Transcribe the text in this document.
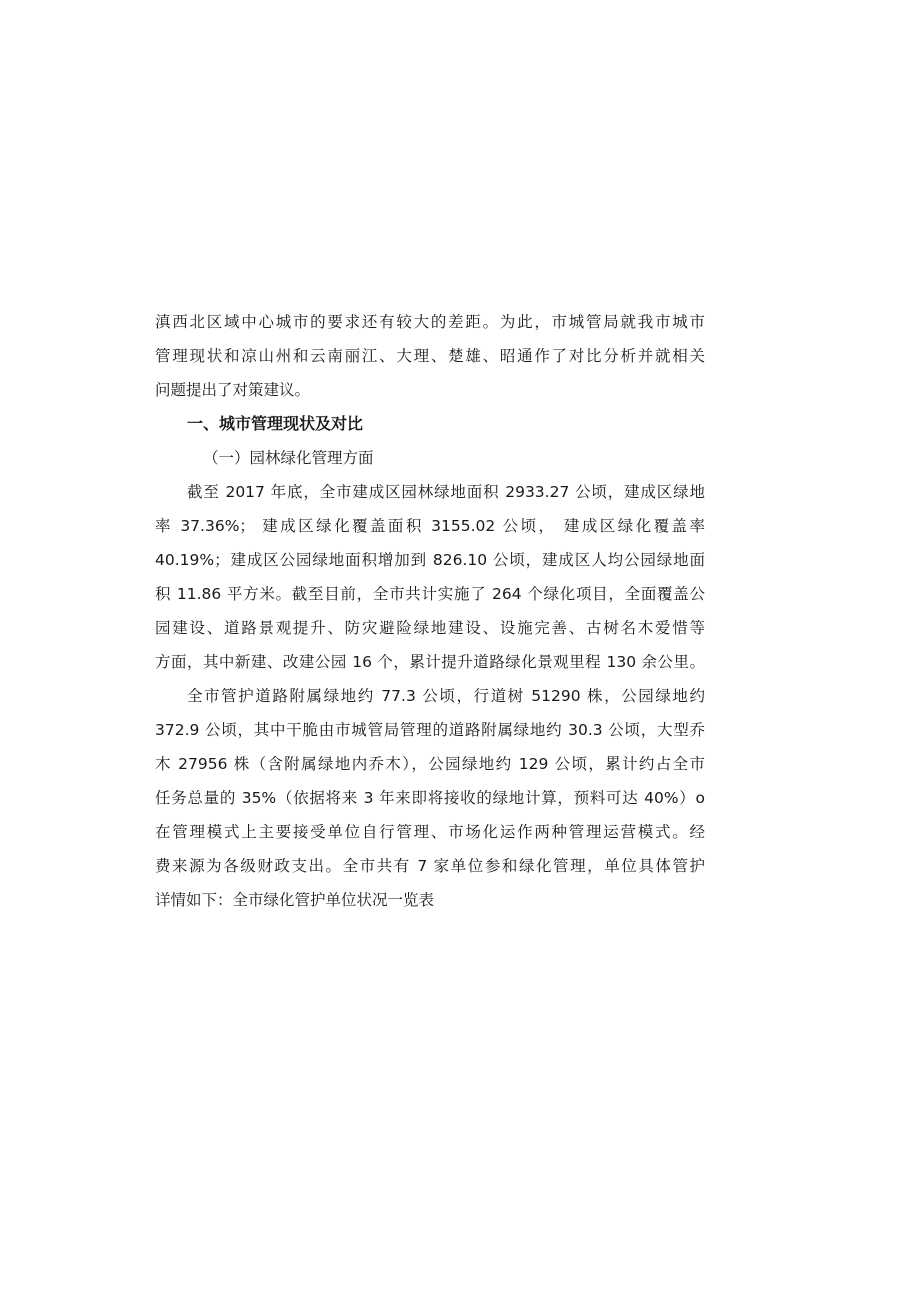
滇西北区域中心城市的要求还有较大的差距。为此，市城管局就我市城市
管理现状和凉山州和云南丽江、大理、楚雄、昭通作了对比分析并就相关
问题提出了对策建议。
一、城市管理现状及对比
（一）园林绿化管理方面
截至 2017 年底，全市建成区园林绿地面积 2933.27 公顷，建成区绿地
率 37.36%； 建成区绿化覆盖面积 3155.02 公顷， 建成区绿化覆盖率
40.19%；建成区公园绿地面积增加到 826.10 公顷，建成区人均公园绿地面
积 11.86 平方米。截至目前，全市共计实施了 264 个绿化项目，全面覆盖公
园建设、道路景观提升、防灾避险绿地建设、设施完善、古树名木爱惜等
方面，其中新建、改建公园 16 个，累计提升道路绿化景观里程 130 余公里。
全市管护道路附属绿地约 77.3 公顷，行道树 51290 株，公园绿地约
372.9 公顷，其中干脆由市城管局管理的道路附属绿地约 30.3 公顷，大型乔
木 27956 株（含附属绿地内乔木），公园绿地约 129 公顷，累计约占全市
任务总量的 35%（依据将来 3 年来即将接收的绿地计算，预料可达 40%）o
在管理模式上主要接受单位自行管理、市场化运作两种管理运营模式。经
费来源为各级财政支出。全市共有 7 家单位参和绿化管理，单位具体管护
详情如下：全市绿化管护单位状况一览表
